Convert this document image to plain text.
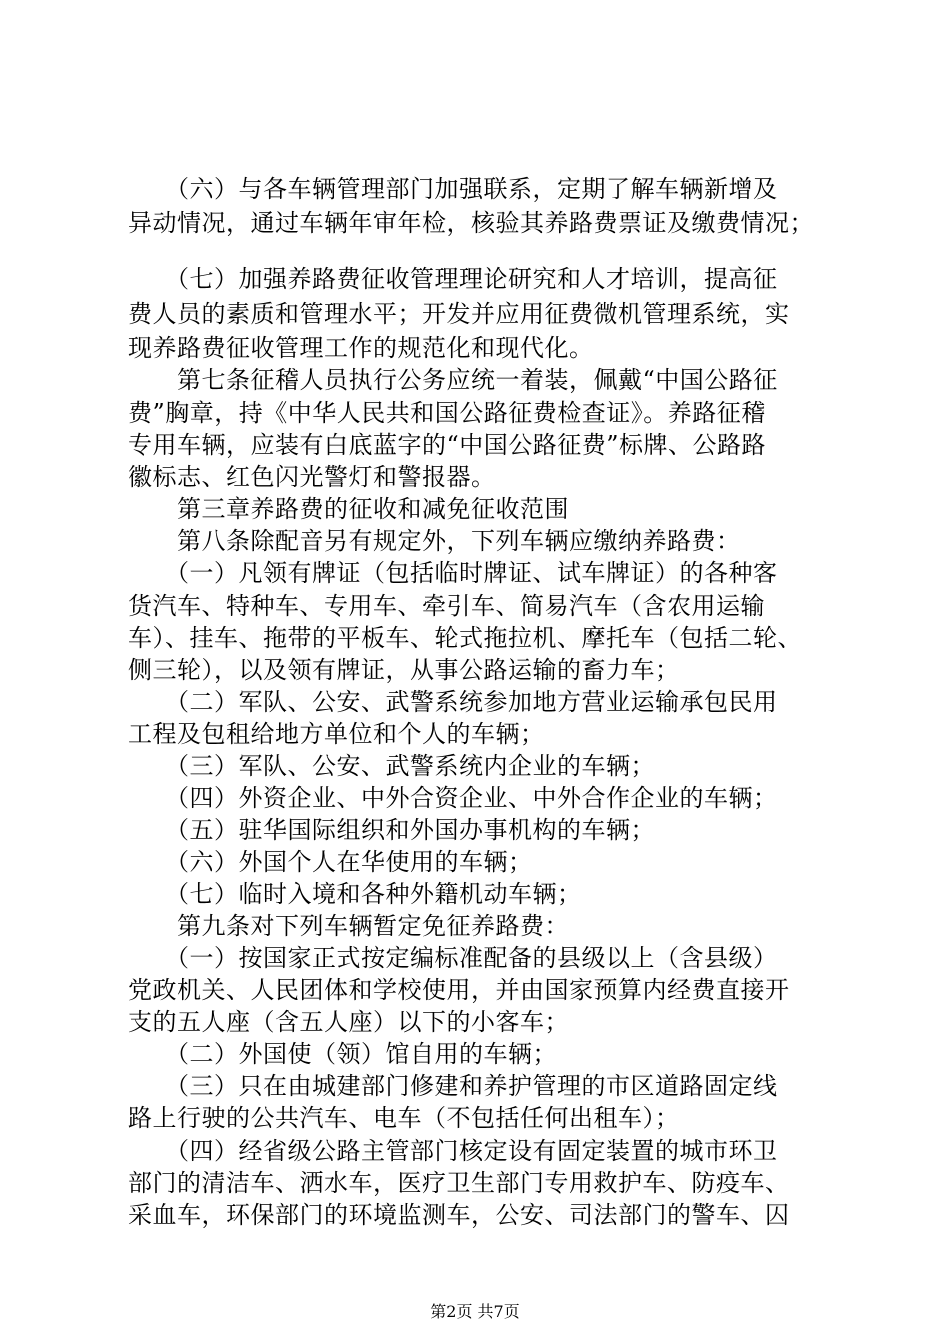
　　（六）与各车辆管理部门加强联系，定期了解车辆新增及
异动情况，通过车辆年审年检，核验其养路费票证及缴费情况；
　　（七）加强养路费征收管理理论研究和人才培训，提高征
费人员的素质和管理水平；开发并应用征费微机管理系统，实
现养路费征收管理工作的规范化和现代化。
　　第七条征稽人员执行公务应统一着装，佩戴“中国公路征
费”胸章，持《中华人民共和国公路征费检查证》。养路征稽
专用车辆，应装有白底蓝字的“中国公路征费”标牌、公路路
徽标志、红色闪光警灯和警报器。
　　第三章养路费的征收和减免征收范围
　　第八条除配音另有规定外，下列车辆应缴纳养路费：
　　（一）凡领有牌证（包括临时牌证、试车牌证）的各种客
货汽车、特种车、专用车、牵引车、简易汽车（含农用运输
车）、挂车、拖带的平板车、轮式拖拉机、摩托车（包括二轮、
侧三轮），以及领有牌证，从事公路运输的畜力车；
　　（二）军队、公安、武警系统参加地方营业运输承包民用
工程及包租给地方单位和个人的车辆；
　　（三）军队、公安、武警系统内企业的车辆；
　　（四）外资企业、中外合资企业、中外合作企业的车辆；
　　（五）驻华国际组织和外国办事机构的车辆；
　　（六）外国个人在华使用的车辆；
　　（七）临时入境和各种外籍机动车辆；
　　第九条对下列车辆暂定免征养路费：
　　（一）按国家正式按定编标准配备的县级以上（含县级）
党政机关、人民团体和学校使用，并由国家预算内经费直接开
支的五人座（含五人座）以下的小客车；
　　（二）外国使（领）馆自用的车辆；
　　（三）只在由城建部门修建和养护管理的市区道路固定线
路上行驶的公共汽车、电车（不包括任何出租车）；
　　（四）经省级公路主管部门核定设有固定装置的城市环卫
部门的清洁车、洒水车，医疗卫生部门专用救护车、防疫车、
采血车，环保部门的环境监测车，公安、司法部门的警车、囚
第2页 共7页
